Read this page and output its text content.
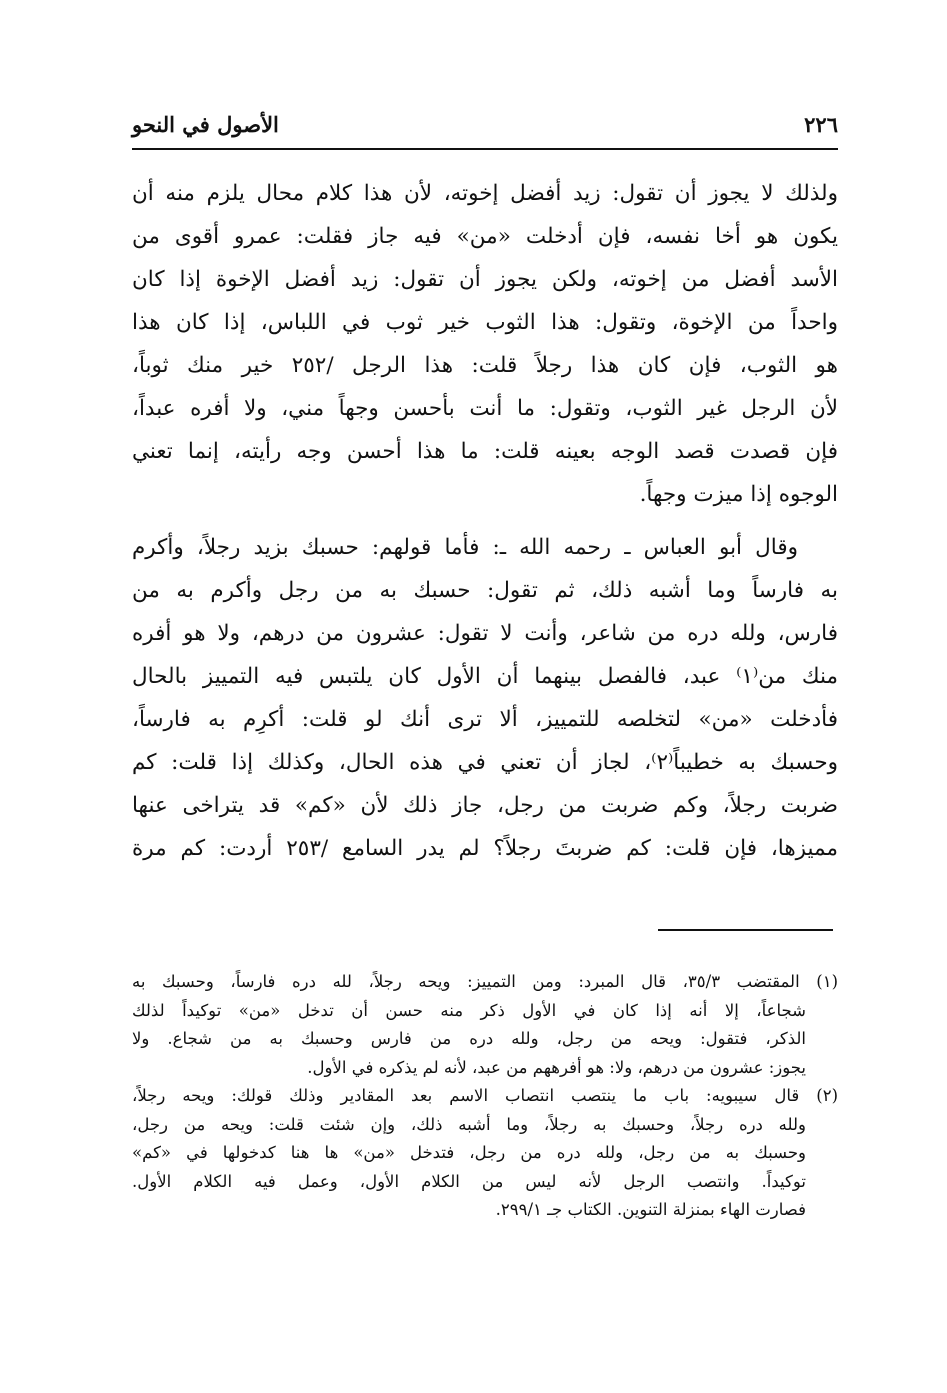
٢٢٦
الأصول في النحو

ولذلك لا يجوز أن تقول: زيد أفضل إخوته، لأن هذا كلام محال يلزم منه أن
يكون هو أخا نفسه، فإن أدخلت «من» فيه جاز فقلت: عمرو أقوى من
الأسد أفضل من إخوته، ولكن يجوز أن تقول: زيد أفضل الإخوة إذا كان
واحداً من الإخوة، وتقول: هذا الثوب خير ثوب في اللباس، إذا كان هذا
هو الثوب، فإن كان هذا رجلاً قلت: هذا الرجل /٢٥٢ خير منك ثوباً،
لأن الرجل غير الثوب، وتقول: ما أنت بأحسن وجهاً مني، ولا أفره عبداً،
فإن قصدت قصد الوجه بعينه قلت: ما هذا أحسن وجه رأيته، إنما تعني
الوجوه إذا ميزت وجهاً.

وقال أبو العباس ـ رحمه الله ـ: فأما قولهم: حسبك بزيد رجلاً، وأكرم
به فارساً وما أشبه ذلك، ثم تقول: حسبك به من رجل وأكرم به من
فارس، ولله دره من شاعر، وأنت لا تقول: عشرون من درهم، ولا هو أفره
منك من⁽١⁾ عبد، فالفصل بينهما أن الأول كان يلتبس فيه التمييز بالحال
فأدخلت «من» لتخلصه للتمييز، ألا ترى أنك لو قلت: أكرِم به فارساً،
وحسبك به خطيباً⁽٢⁾، لجاز أن تعني في هذه الحال، وكذلك إذا قلت: كم
ضربت رجلاً، وكم ضربت من رجل، جاز ذلك لأن «كم» قد يتراخى عنها
مميزها، فإن قلت: كم ضربتَ رجلاً؟ لم يدر السامع /٢٥٣ أردت: كم مرة

(١) المقتضب ٣٥/٣، قال المبرد: ومن التمييز: ويحه رجلاً، لله دره فارساً، وحسبك به
شجاعاً، إلا أنه إذا كان في الأول ذكر منه حسن أن تدخل «من» توكيداً لذلك
الذكر، فتقول: ويحه من رجل، ولله دره من فارس وحسبك به من شجاع. ولا
يجوز: عشرون من درهم، ولا: هو أفرههم من عبد، لأنه لم يذكره في الأول.
(٢) قال سيبويه: باب ما ينتصب انتصاب الاسم بعد المقادير وذلك قولك: ويحه رجلاً،
ولله دره رجلاً، وحسبك به رجلاً، وما أشبه ذلك، وإن شئت قلت: ويحه من رجل،
وحسبك به من رجل، ولله دره من رجل، فتدخل «من» ها هنا كدخولها في «كم»
توكيداً. وانتصب الرجل لأنه ليس من الكلام الأول، وعمل فيه الكلام الأول.
فصارت الهاء بمنزلة التنوين. الكتاب جـ ٢٩٩/١.
